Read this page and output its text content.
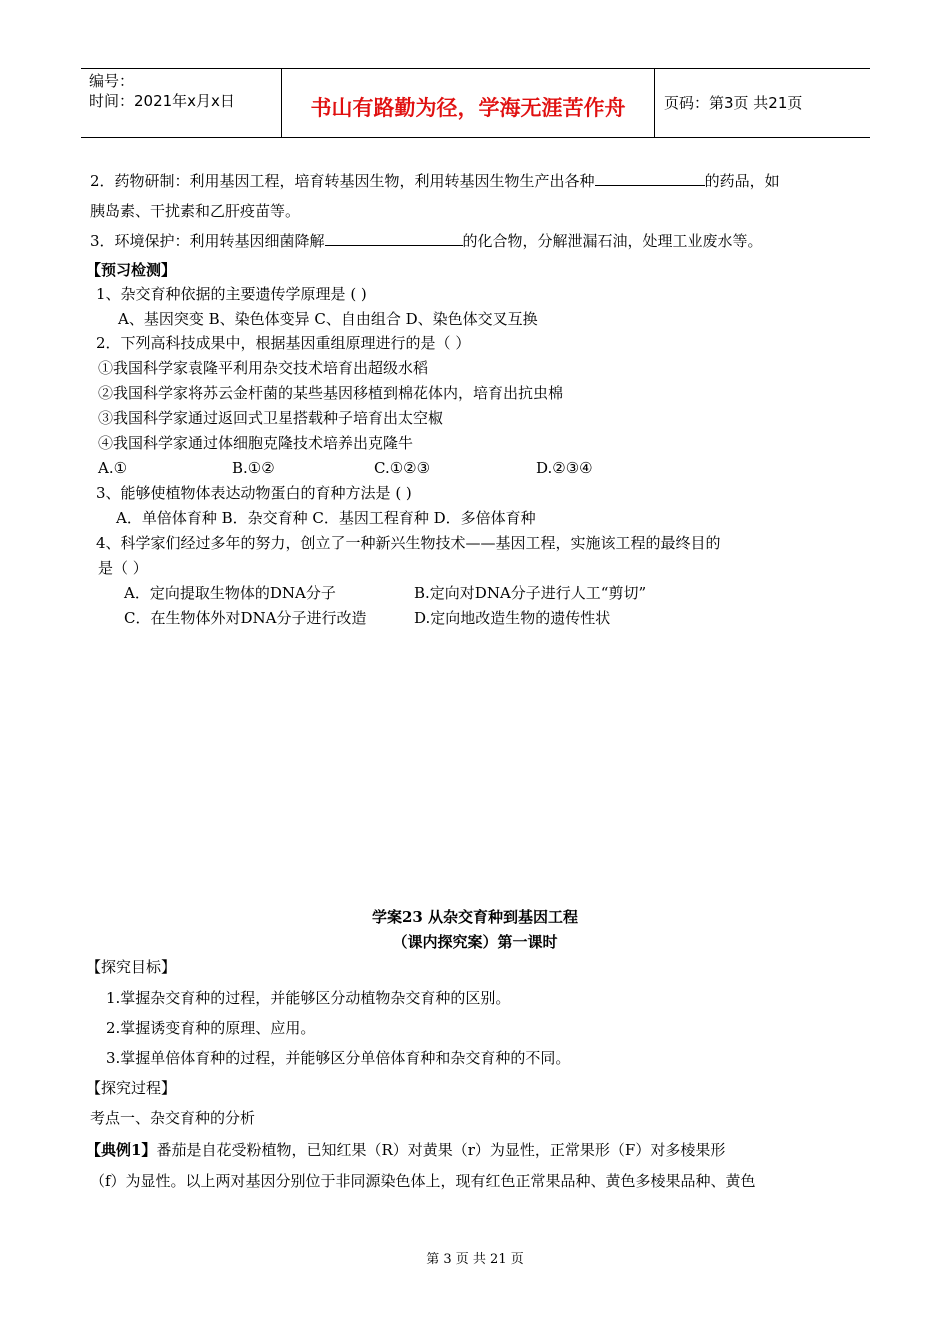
编号：
时间：2021年x月x日	书山有路勤为径，学海无涯苦作舟	页码：第3页 共21页
2．药物研制：利用基因工程，培育转基因生物，利用转基因生物生产出各种	的药品，如
胰岛素、干扰素和乙肝疫苗等。
3．环境保护：利用转基因细菌降解	的化合物，分解泄漏石油，处理工业废水等。
【预习检测】
1、杂交育种依据的主要遗传学原理是 ( )
A、基因突变 B、染色体变异 C、自由组合 D、染色体交叉互换
2．下列高科技成果中，根据基因重组原理进行的是（ ）
①我国科学家袁隆平利用杂交技术培育出超级水稻
②我国科学家将苏云金杆菌的某些基因移植到棉花体内，培育出抗虫棉
③我国科学家通过返回式卫星搭载种子培育出太空椒
④我国科学家通过体细胞克隆技术培养出克隆牛
A.①	B.①②	C.①②③	D.②③④
3、能够使植物体表达动物蛋白的育种方法是 ( )
A．单倍体育种 B．杂交育种 C．基因工程育种 D．多倍体育种
4、科学家们经过多年的努力，创立了一种新兴生物技术——基因工程，实施该工程的最终目的
是（ ）
A．定向提取生物体的DNA分子	B.定向对DNA分子进行人工“剪切”
C．在生物体外对DNA分子进行改造	D.定向地改造生物的遗传性状
学案23 从杂交育种到基因工程
（课内探究案）第一课时
【探究目标】
1.掌握杂交育种的过程，并能够区分动植物杂交育种的区别。
2.掌握诱变育种的原理、应用。
3.掌握单倍体育种的过程，并能够区分单倍体育种和杂交育种的不同。
【探究过程】
考点一、杂交育种的分析
【典例1】番茄是自花受粉植物，已知红果（R）对黄果（r）为显性，正常果形（F）对多棱果形
（f）为显性。以上两对基因分别位于非同源染色体上，现有红色正常果品种、黄色多棱果品种、黄色
第 3 页 共 21 页
